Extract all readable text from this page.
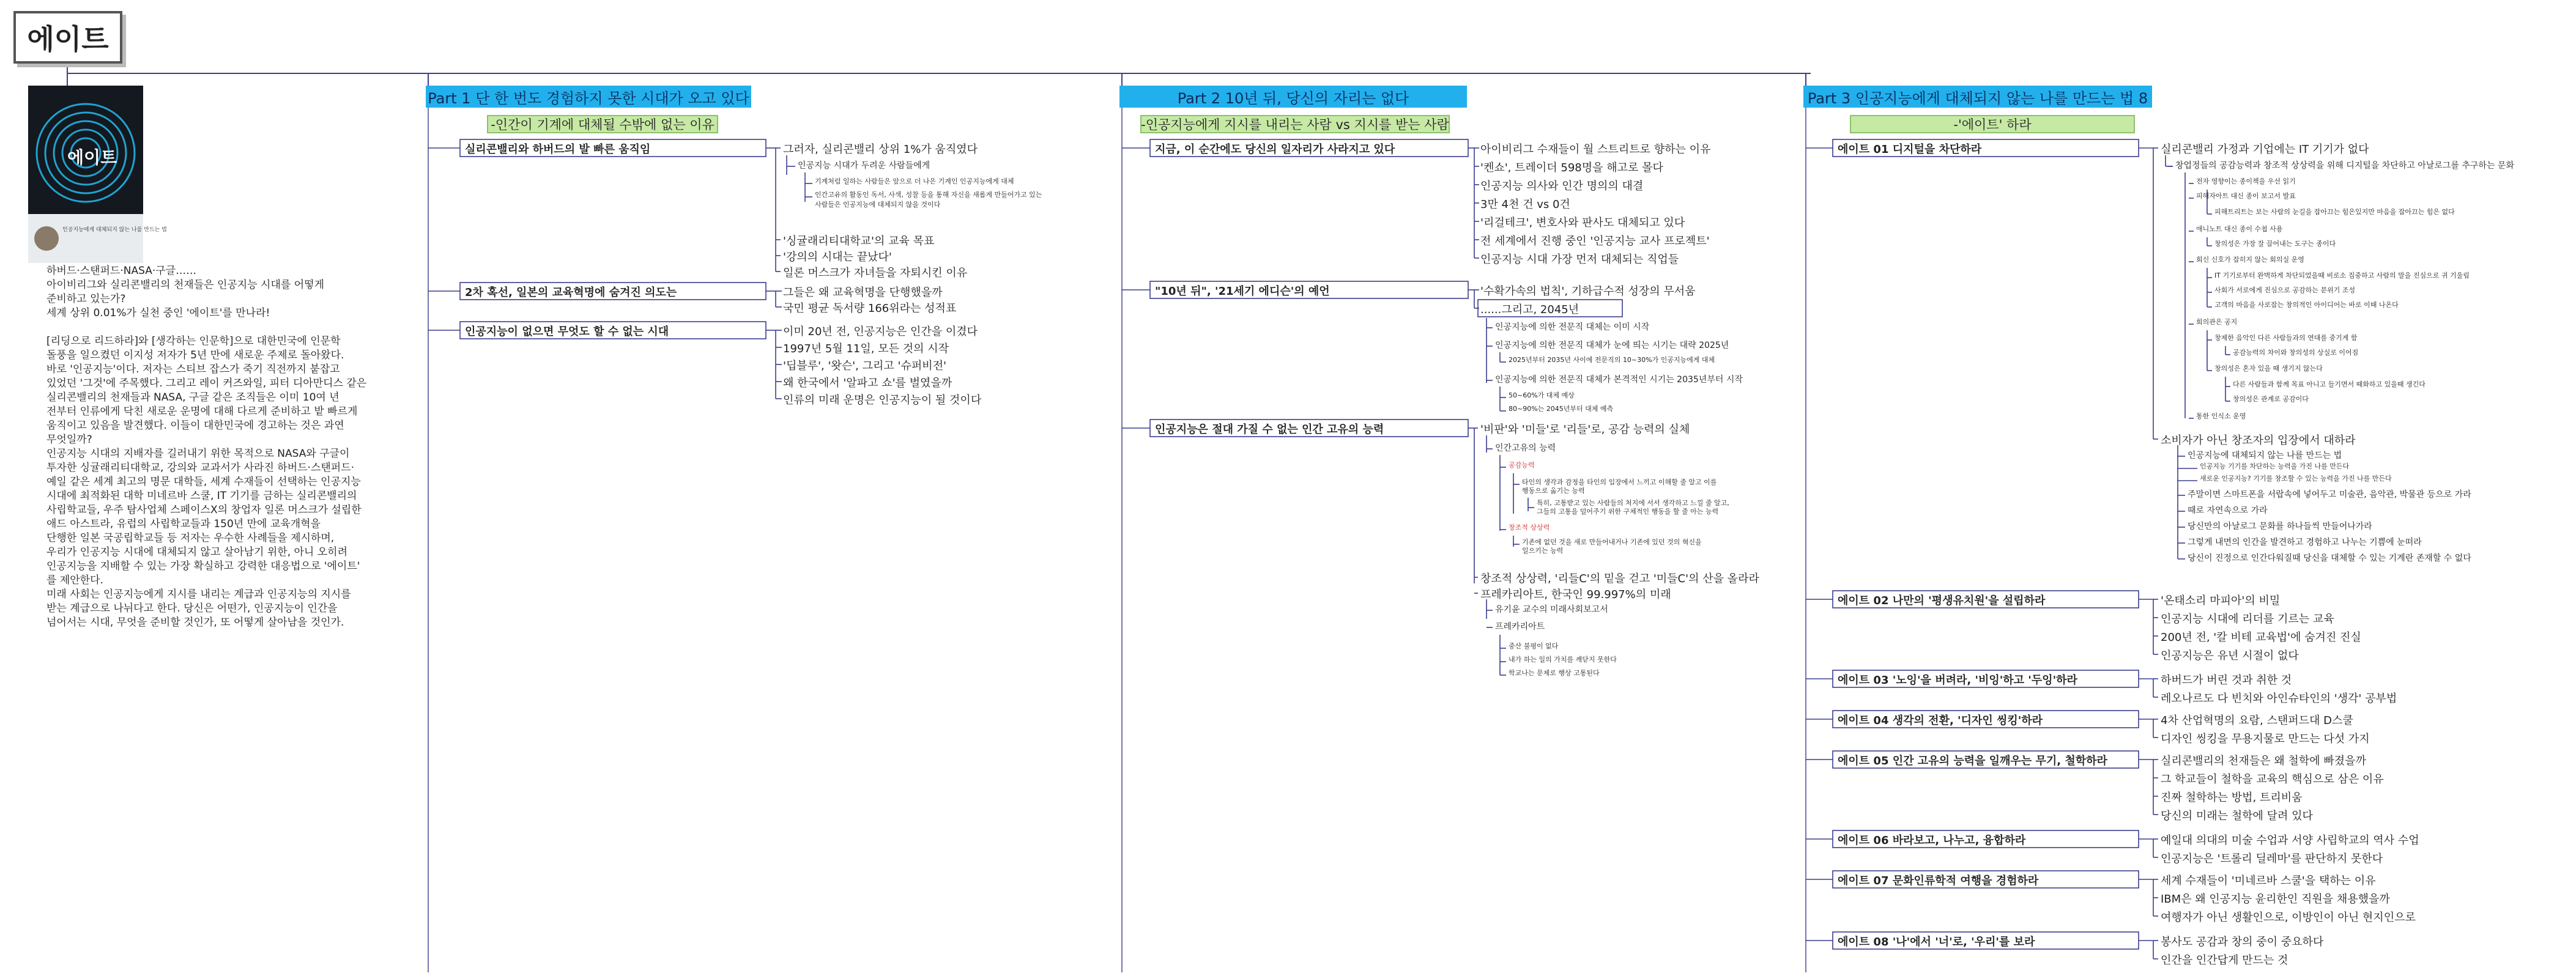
에이트
에이트
인공지능에게 대체되지 않는 나를 만드는 법
하버드·스탠퍼드·NASA·구글……
아이비리그와 실리콘밸리의 천재들은 인공지능 시대를 어떻게
준비하고 있는가?
세계 상위 0.01%가 실천 중인 '에이트'를 만나라!

[리딩으로 리드하라]와 [생각하는 인문학]으로 대한민국에 인문학
돌풍을 일으켰던 이지성 저자가 5년 만에 새로운 주제로 돌아왔다.
바로 '인공지능'이다. 저자는 스티브 잡스가 죽기 직전까지 붙잡고
있었던 '그것'에 주목했다. 그리고 레이 커즈와일, 피터 디아만디스 같은
실리콘밸리의 천재들과 NASA, 구글 같은 조직들은 이미 10여 년
전부터 인류에게 닥친 새로운 운명에 대해 다르게 준비하고 밭 빠르게
움직이고 있음을 발견했다. 이들이 대한민국에 경고하는 것은 과연
무엇일까?
인공지능 시대의 지배자를 길러내기 위한 목적으로 NASA와 구글이
투자한 싱귤래리티대학교, 강의와 교과서가 사라진 하버드·스탠퍼드·
예일 같은 세계 최고의 명문 대학들, 세계 수재들이 선택하는 인공지능
시대에 최적화된 대학 미네르바 스쿨, IT 기기를 금하는 실리콘밸리의
사립학교들, 우주 탐사업체 스페이스X의 창업자 일론 머스크가 설립한
애드 아스트라, 유럽의 사립학교들과 150년 만에 교육개혁을
단행한 일본 국공립학교들 등 저자는 우수한 사례들을 제시하며,
우리가 인공지능 시대에 대체되지 않고 살아남기 위한, 아니 오히려
인공지능을 지배할 수 있는 가장 확실하고 강력한 대응법으로 '에이트'
를 제안한다.
미래 사회는 인공지능에게 지시를 내리는 계급과 인공지능의 지시를
받는 계급으로 나뉘다고 한다. 당신은 어떤가, 인공지능이 인간을
넘어서는 시대, 무엇을 준비할 것인가, 또 어떻게 살아남을 것인가.
Part 1 단 한 번도 경험하지 못한 시대가 오고 있다
-인간이 기계에 대체될 수밖에 없는 이유
Part 2 10년 뒤, 당신의 자리는 없다
-인공지능에게 지시를 내리는 사람 vs 지시를 받는 사람
Part 3 인공지능에게 대체되지 않는 나를 만드는 법 8
-'에이트' 하라
실리콘밸리와 하버드의 발 빠른 움직임
2차 혹선, 일본의 교육혁명에 숨겨진 의도는
인공지능이 없으면 무엇도 할 수 없는 시대
그러자, 실리콘밸리 상위 1%가 움직였다
'싱귤래리티대학교'의 교육 목표
'강의의 시대는 끝났다'
일론 머스크가 자녀들을 자퇴시킨 이유
인공지능 시대가 두려운 사람들에게
기계처럼 일하는 사람들은 앞으로 더 나은 기계인 인공지능에게 대체
인간고유의 활동인 독서, 사색, 성찰 등을 통해 자신을 새롭게 만들어가고 있는
사람들은 인공지능에 대체되지 않을 것이다
그들은 왜 교육혁명을 단행했을까
국민 평균 독서량 166위라는 성적표
이미 20년 전, 인공지능은 인간을 이겼다
1997년 5월 11일, 모든 것의 시작
'딥블루', '왓슨', 그리고 '슈퍼비전'
왜 한국에서 '알파고 쇼'를 벌였을까
인류의 미래 운명은 인공지능이 될 것이다
지금, 이 순간에도 당신의 일자리가 사라지고 있다
"10년 뒤", '21세기 에디슨'의 예언
인공지능은 절대 가질 수 없는 인간 고유의 능력
아이비리그 수재들이 월 스트리트로 향하는 이유
'켄쇼', 트레이더 598명을 해고로 몰다
인공지능 의사와 인간 명의의 대결
3만 4천 건 vs 0건
'리걸테크', 변호사와 판사도 대체되고 있다
전 세계에서 진행 중인 '인공지능 교사 프로젝트'
인공지능 시대 가장 먼저 대체되는 직업들
'수확가속의 법칙', 기하급수적 성장의 무서움
......그리고, 2045년
인공지능에 의한 전문직 대체는 이미 시작
인공지능에 의한 전문직 대체가 눈에 띄는 시기는 대략 2025년
인공지능에 의한 전문직 대체가 본격적인 시기는 2035년부터 시작
2025년부터 2035년 사이에 전문직의 10~30%가 인공지능에게 대체
50~60%가 대체 예상
80~90%는 2045년부터 대체 예측
'비판'와 '미들'로 '리들'로, 공감 능력의 실체
창조적 상상력, '리들C'의 밑을 걷고 '미들C'의 산을 올라라
프레카리아트, 한국인 99.997%의 미래
인간고유의 능력
공감능력
타인의 생각과 감정을 타인의 입장에서 느끼고 이해할 줄 알고 이를
행동으로 옮기는 능력
특히, 고통받고 있는 사람들의 처지에 서서 생각하고 느낄 줄 알고,
그들의 고통을 덜어주기 위한 구체적인 행동을 할 줄 아는 능력
창조적 상상력
기존에 없던 것을 새로 만들어내거나 기존에 있던 것의 혁신을
일으키는 능력
유기윤 교수의 미래사회보고서
프레카리아트
중산 불평이 없다
내가 하는 일의 가치를 깨닫지 못한다
학교나는 문제로 행상 고통된다
에이트 01 디지털을 차단하라
에이트 02 나만의 '평생유치원'을 설립하라
에이트 03 '노잉'을 버려라, '비잉'하고 '두잉'하라
에이트 04 생각의 전환, '디자인 씽킹'하라
에이트 05 인간 고유의 능력을 일깨우는 무기, 철학하라
에이트 06 바라보고, 나누고, 융합하라
에이트 07 문화인류학적 여행을 경험하라
에이트 08 '나'에서 '너'로, '우리'를 보라
실리콘밸리 가정과 기업에는 IT 기기가 없다
소비자가 아닌 창조자의 입장에서 대하라
창업정들의 공감능력과 창조적 상상력을 위해 디지털을 차단하고 아날로그를 추구하는 문화
전자 영향이는 종이책을 우선 읽기
피해자아트 대신 종이 보고서 발표
피해트리트는 보는 사람의 눈길을 잡아끄는 힘은있지만 마음을 잡아끄는 힘은 없다
애니노트 대신 종이 수첩 사용
창의성은 가장 잘 끌어내는 도구는 종이다
회신 신호가 잡히지 않는 회의실 운영
IT 기기로부터 완벽하게 차단되었을때 비로소 집중하고 사람의 말을 진심으로 귀 기울림
사회가 서로에게 진심으로 공감하는 분위기 조성
고객의 마음을 사로잡는 창의적인 아이디어는 바로 이때 나온다
회의관은 공지
창제한 음악인 다른 사람들과의 연대를 중기게 함
공감능력의 차이와 창의성의 상실로 이어짐
창의성은 혼자 있을 때 생기지 않는다
다른 사람들과 함께 목표 아니고 들기면서 때화하고 있을때 생긴다
창의성은 관계로 공감이다
통한 인식소 운영
인공지능에 대체되지 않는 나를 만드는 법
인공지능 기기를 차단하는 능력을 가진 나를 만든다
새로운 인공지능? 기기를 창조할 수 있는 능력을 가진 나를 만든다
주말이면 스마트폰을 서랍속에 넣어두고 미술관, 음악관, 박물관 등으로 가라
때로 자연속으로 가라
당신만의 아날로그 문화를 하나들씩 만들어나가라
그렇게 내면의 인간을 발견하고 경험하고 나누는 기쁨에 눈떠라
당신이 진정으로 인간다워질때 당신을 대체할 수 있는 기계란 존재할 수 없다
'온태소리 마피아'의 비밀
인공지능 시대에 리더를 기르는 교육
200년 전, '칼 비테 교육법'에 숨겨진 진실
인공지능은 유년 시절이 없다
하버드가 버린 것과 취한 것
레오나르도 다 빈치와 아인슈타인의 '생각' 공부법
4차 산업혁명의 요람, 스탠퍼드대 D스쿨
디자인 씽킹을 무용지물로 만드는 다섯 가지
실리콘밸리의 천재들은 왜 철학에 빠졌을까
그 학교들이 철학을 교육의 핵심으로 삼은 이유
진짜 철학하는 방법, 트리비움
당신의 미래는 철학에 달려 있다
예일대 의대의 미술 수업과 서양 사립학교의 역사 수업
인공지능은 '트롤리 딜레마'를 판단하지 못한다
세계 수재들이 '미네르바 스쿨'을 택하는 이유
IBM은 왜 인공지능 윤리한인 직원을 채용했을까
여행자가 아닌 생활인으로, 이방인이 아닌 현지인으로
봉사도 공감과 창의 중이 중요하다
인간을 인간답게 만드는 것
